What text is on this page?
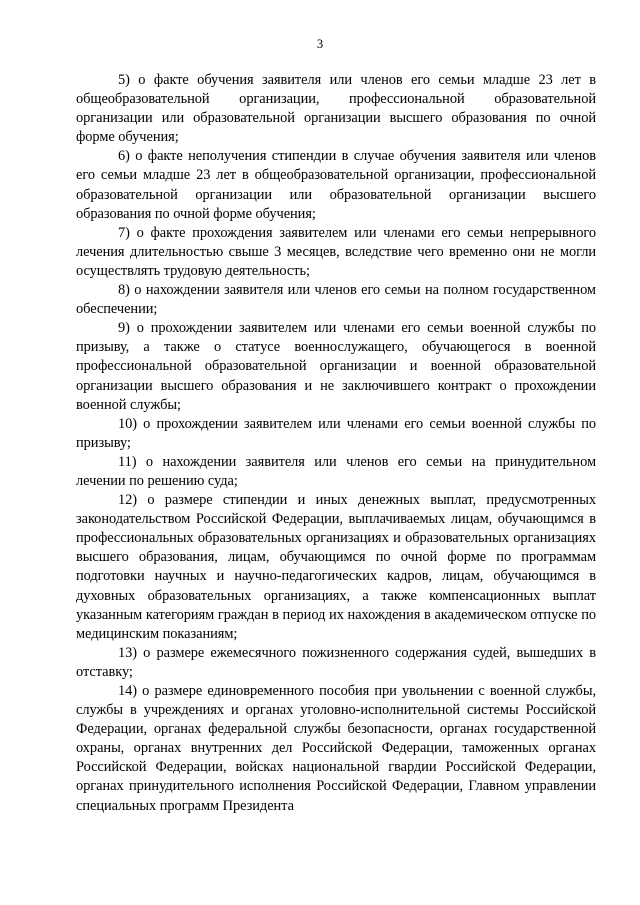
3

5) о факте обучения заявителя или членов его семьи младше 23 лет в общеобразовательной организации, профессиональной образовательной организации или образовательной организации высшего образования по очной форме обучения;

6) о факте неполучения стипендии в случае обучения заявителя или членов его семьи младше 23 лет в общеобразовательной организации, профессиональной образовательной организации или образовательной организации высшего образования по очной форме обучения;

7) о факте прохождения заявителем или членами его семьи непрерывного лечения длительностью свыше 3 месяцев, вследствие чего временно они не могли осуществлять трудовую деятельность;

8) о нахождении заявителя или членов его семьи на полном государственном обеспечении;

9) о прохождении заявителем или членами его семьи военной службы по призыву, а также о статусе военнослужащего, обучающегося в военной профессиональной образовательной организации и военной образовательной организации высшего образования и не заключившего контракт о прохождении военной службы;

10) о прохождении заявителем или членами его семьи военной службы по призыву;

11) о нахождении заявителя или членов его семьи на принудительном лечении по решению суда;

12) о размере стипендии и иных денежных выплат, предусмотренных законодательством Российской Федерации, выплачиваемых лицам, обучающимся в профессиональных образовательных организациях и образовательных организациях высшего образования, лицам, обучающимся по очной форме по программам подготовки научных и научно-педагогических кадров, лицам, обучающимся в духовных образовательных организациях, а также компенсационных выплат указанным категориям граждан в период их нахождения в академическом отпуске по медицинским показаниям;

13) о размере ежемесячного пожизненного содержания судей, вышедших в отставку;

14) о размере единовременного пособия при увольнении с военной службы, службы в учреждениях и органах уголовно-исполнительной системы Российской Федерации, органах федеральной службы безопасности, органах государственной охраны, органах внутренних дел Российской Федерации, таможенных органах Российской Федерации, войсках национальной гвардии Российской Федерации, органах принудительного исполнения Российской Федерации, Главном управлении специальных программ Президента
